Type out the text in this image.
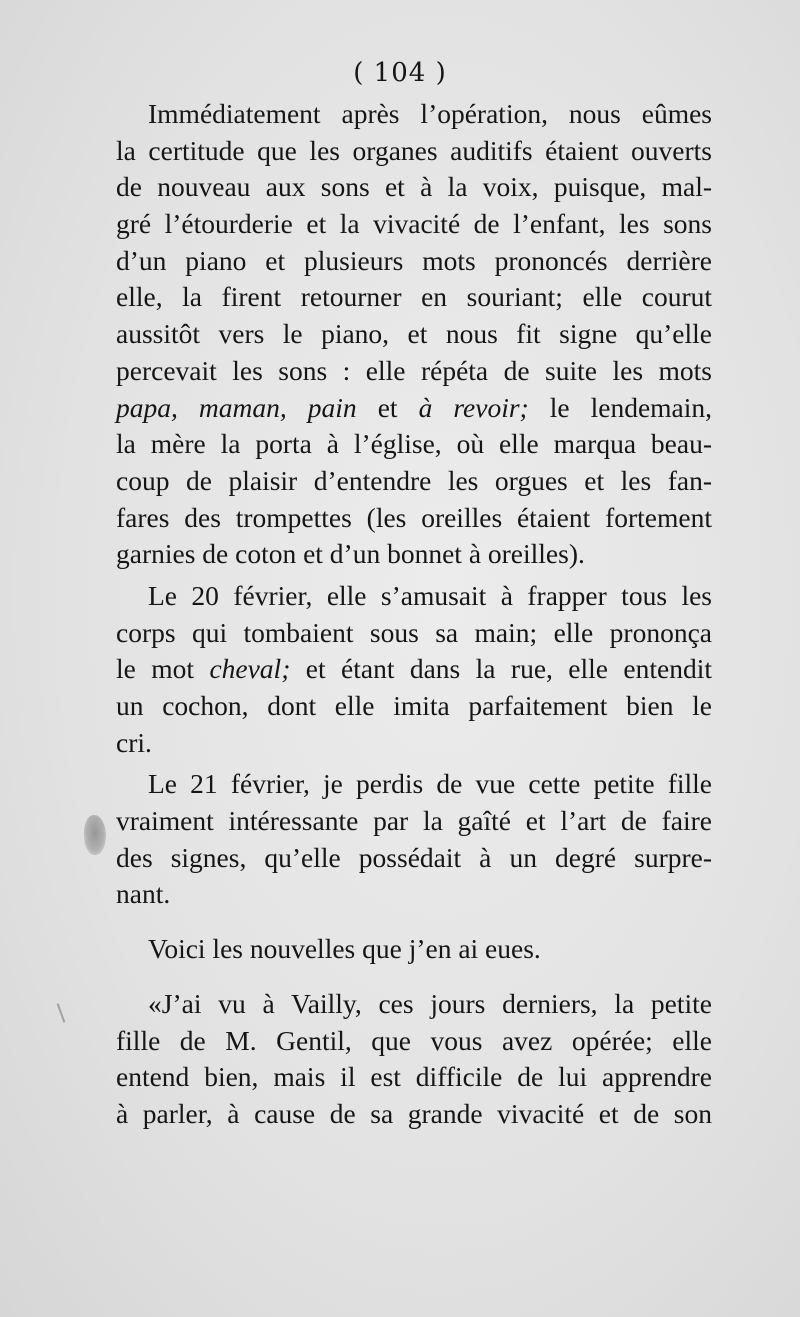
( 104 )
Immédiatement après l’opération, nous eûmes
la certitude que les organes auditifs étaient ouverts
de nouveau aux sons et à la voix, puisque, mal-
gré l’étourderie et la vivacité de l’enfant, les sons
d’un piano et plusieurs mots prononcés derrière
elle, la firent retourner en souriant; elle courut
aussitôt vers le piano, et nous fit signe qu’elle
percevait les sons : elle répéta de suite les mots
papa, maman, pain et à revoir; le lendemain,
la mère la porta à l’église, où elle marqua beau-
coup de plaisir d’entendre les orgues et les fan-
fares des trompettes (les oreilles étaient fortement
garnies de coton et d’un bonnet à oreilles).
Le 20 février, elle s’amusait à frapper tous les
corps qui tombaient sous sa main; elle prononça
le mot cheval; et étant dans la rue, elle entendit
un cochon, dont elle imita parfaitement bien le
cri.
Le 21 février, je perdis de vue cette petite fille
vraiment intéressante par la gaîté et l’art de faire
des signes, qu’elle possédait à un degré surpre-
nant.
Voici les nouvelles que j’en ai eues.
«J’ai vu à Vailly, ces jours derniers, la petite
fille de M. Gentil, que vous avez opérée; elle
entend bien, mais il est difficile de lui apprendre
à parler, à cause de sa grande vivacité et de son
